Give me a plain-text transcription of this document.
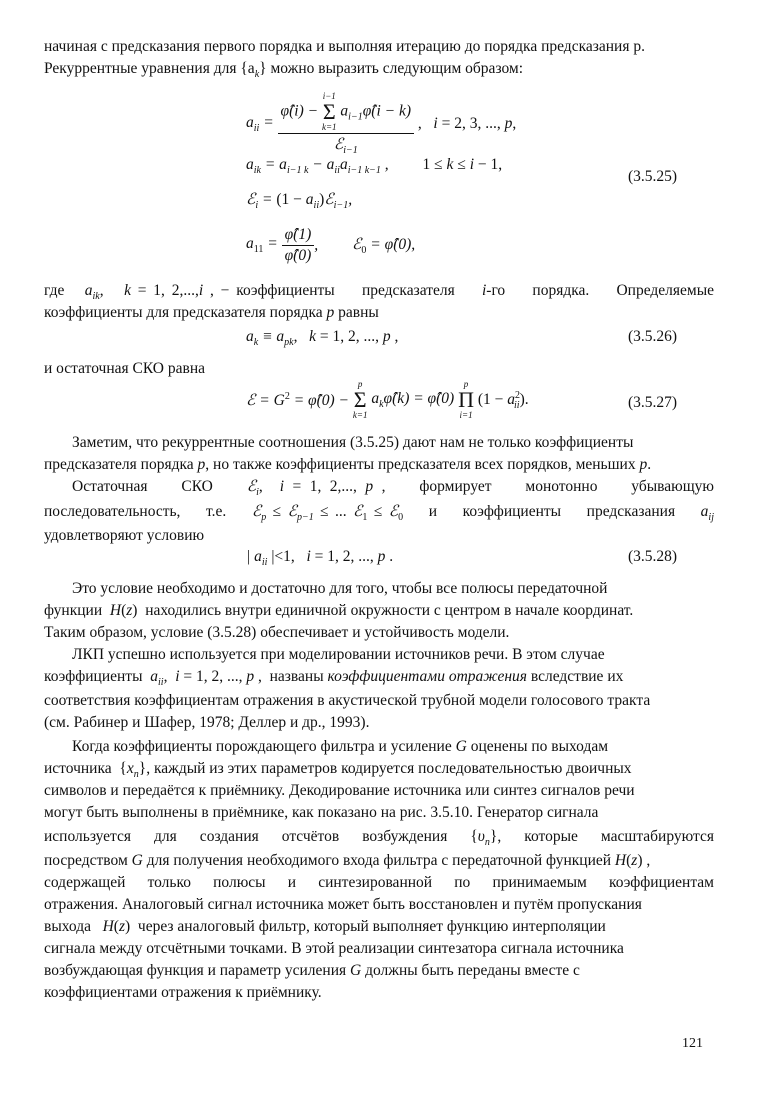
начиная с предсказания первого порядка и выполняя итерацию до порядка предсказания p.
Рекуррентные уравнения для $\{a_k\}$ можно выразить следующим образом:
$a_{ii}$ = φ̂(i) − i−1
Σ
k=1 $a_{i-1}\varphî(i - k)$
ℰ$_{i-1}$ ,   i = 2, 3, ..., p,
$a_{ik} = a_{i-1 k} - a_{ii}a_{i-1 k-1}$ , 1 ≤ k ≤ i − 1,
ℰ$_i$ = $(1 - a_{ii})ℰ_{i-1}$,
$a_{11} = \frac{\varphî(1)}{\varphî(0)}$ , ℰ$_0$ = φ̂(0),
(3.5.25)
где   $a_{ik}$,   k = 1, 2,...,i , − коэффициенты    предсказателя    i-го    порядка.    Определяемые
коэффициенты для предсказателя порядка p равны
$a_k \equiv a_{pk}$,   k = 1, 2, ..., p ,	(3.5.26)
и остаточная СКО равна
ℰ = $G^2$ = φ̂(0) − p
Σ
k=1 $a_k\varphî(k)$ = φ̂(0) p
Π
i=1 $(1 - a^2_{ii})$.	(3.5.27)
Заметим, что рекуррентные соотношения (3.5.25) дают нам не только коэффициенты
предсказателя порядка p, но также коэффициенты предсказателя всех порядков, меньших p.
Остаточная    СКО    ℰ$_i$,  i = 1, 2,..., p ,    формирует    монотонно    убывающую
последовательность,    т.е.    ℰ$_p$ ≤ ℰ$_{p-1}$ ≤ ... ℰ$_1$ ≤ ℰ$_0$    и    коэффициенты    предсказания    $a_{ij}$
удовлетворяют условию
| $a_{ii}$ |<1,   i = 1, 2, ..., p .	(3.5.28)
Это условие необходимо и достаточно для того, чтобы все полюсы передаточной
функции H(z)  находились внутри единичной окружности с центром в начале координат.
Таким образом, условие (3.5.28) обеспечивает и устойчивость модели.
ЛКП успешно используется при моделировании источников речи. В этом случае
коэффициенты $a_{ii}$,  i = 1, 2, ..., p ,  названы коэффициентами отражения вследствие их
соответствия коэффициентам отражения в акустической трубной модели голосового тракта
(см. Рабинер и Шафер, 1978; Деллер и др., 1993).
Когда коэффициенты порождающего фильтра и усиление G оценены по выходам
источника  $\{x_n\}$, каждый из этих параметров кодируется последовательностью двоичных
символов и передаётся к приёмнику. Декодирование источника или синтез сигналов речи
могут быть выполнены в приёмнике, как показано на рис. 3.5.10. Генератор сигнала
используется   для   создания   отсчётов   возбуждения   $\{\upsilon_n\}$,   которые   масштабируются
посредством G для получения необходимого входа фильтра с передаточной функцией H(z) ,
содержащей   только   полюсы   и   синтезированной   по   принимаемым   коэффициентам
отражения. Аналоговый сигнал источника может быть восстановлен и путём пропускания
выхода   H(z)  через аналоговый фильтр, который выполняет функцию интерполяции
сигнала между отсчётными точками. В этой реализации синтезатора сигнала источника
возбуждающая функция и параметр усиления G должны быть переданы вместе с
коэффициентами отражения к приёмнику.
121
